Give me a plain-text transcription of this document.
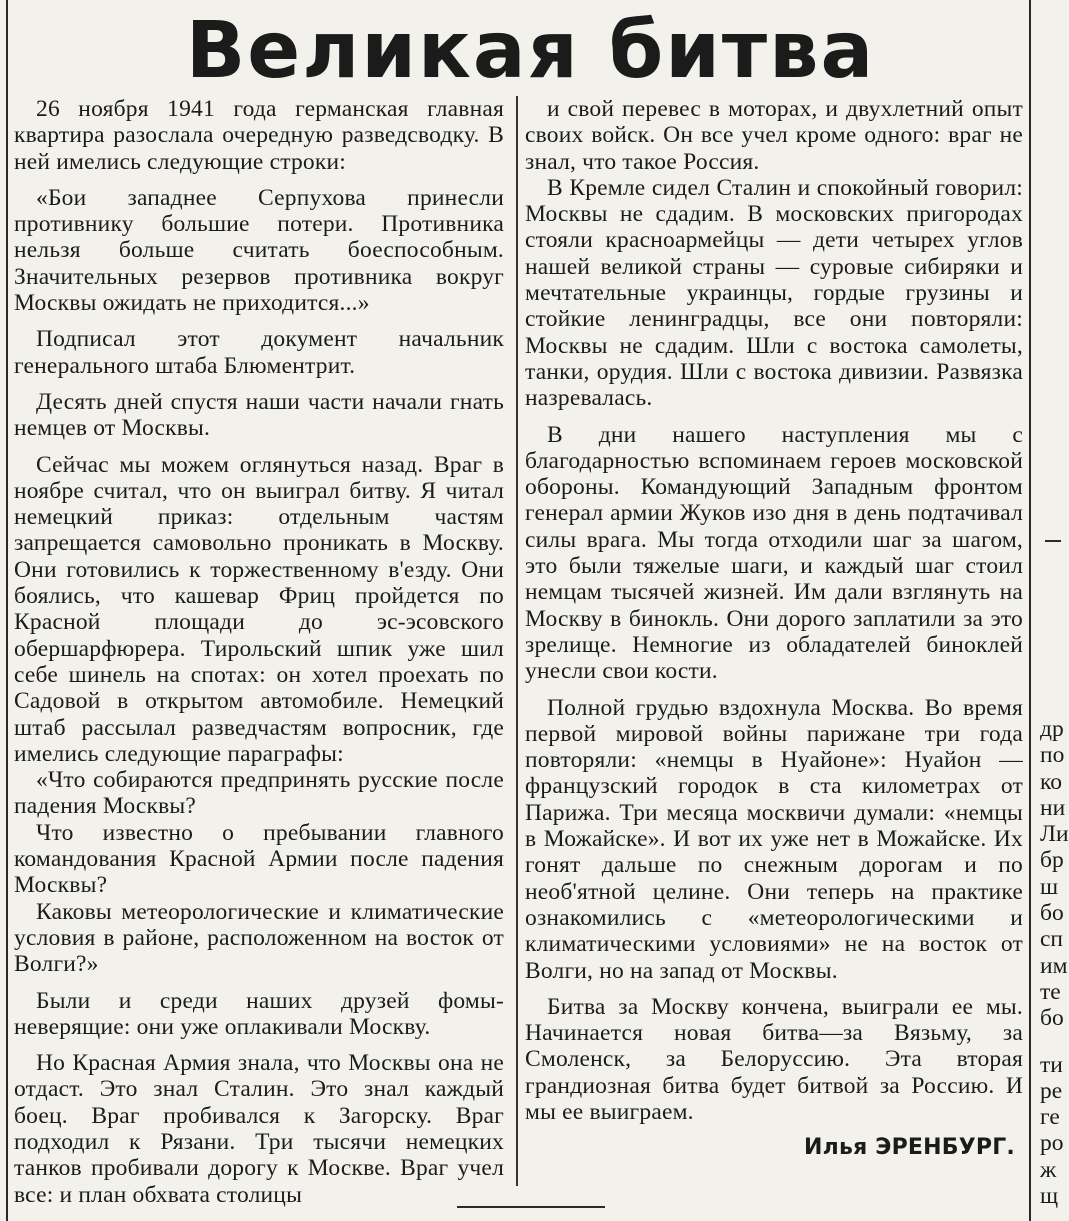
Великая битва

26 ноября 1941 года германская главная квартира разослала очередную разведсводку. В ней имелись следующие строки:

«Бои западнее Серпухова принесли противнику большие потери. Противника нельзя больше считать боеспособным. Значительных резервов противника вокруг Москвы ожидать не приходится...»

Подписал этот документ начальник генерального штаба Блюментрит.

Десять дней спустя наши части начали гнать немцев от Москвы.

Сейчас мы можем оглянуться назад. Враг в ноябре считал, что он выиграл битву. Я читал немецкий приказ: отдельным частям запрещается самовольно проникать в Москву. Они готовились к торжественному в'езду. Они боялись, что кашевар Фриц пройдется по Красной площади до эс-эсовского обершарфюрера. Тирольский шпик уже шил себе шинель на спотах: он хотел проехать по Садовой в открытом автомобиле. Немецкий штаб рассылал разведчастям вопросник, где имелись следующие параграфы:

«Что собираются предпринять русские после падения Москвы?

Что известно о пребывании главного командования Красной Армии после падения Москвы?

Каковы метеорологические и климатические условия в районе, расположенном на восток от Волги?»

Были и среди наших друзей фомы-неверящие: они уже оплакивали Москву.

Но Красная Армия знала, что Москвы она не отдаст. Это знал Сталин. Это знал каждый боец. Враг пробивался к Загорску. Враг подходил к Рязани. Три тысячи немецких танков пробивали дорогу к Москве. Враг учел все: и план обхвата столицы

и свой перевес в моторах, и двухлетний опыт своих войск. Он все учел кроме одного: враг не знал, что такое Россия.

В Кремле сидел Сталин и спокойный говорил: Москвы не сдадим. В московских пригородах стояли красноармейцы — дети четырех углов нашей великой страны — суровые сибиряки и мечтательные украинцы, гордые грузины и стойкие ленинградцы, все они повторяли: Москвы не сдадим. Шли с востока самолеты, танки, орудия. Шли с востока дивизии. Развязка назревалась.

В дни нашего наступления мы с благодарностью вспоминаем героев московской обороны. Командующий Западным фронтом генерал армии Жуков изо дня в день подтачивал силы врага. Мы тогда отходили шаг за шагом, это были тяжелые шаги, и каждый шаг стоил немцам тысячей жизней. Им дали взглянуть на Москву в бинокль. Они дорого заплатили за это зрелище. Немногие из обладателей биноклей унесли свои кости.

Полной грудью вздохнула Москва. Во время первой мировой войны парижане три года повторяли: «немцы в Нуайоне»: Нуайон — французский городок в ста километрах от Парижа. Три месяца москвичи думали: «немцы в Можайске». И вот их уже нет в Можайске. Их гонят дальше по снежным дорогам и по необ'ятной целине. Они теперь на практике ознакомились с «метеорологическими и климатическими условиями» не на восток от Волги, но на запад от Москвы.

Битва за Москву кончена, выиграли ее мы. Начинается новая битва—за Вязьму, за Смоленск, за Белоруссию. Эта вторая грандиозная битва будет битвой за Россию. И мы ее выиграем.

Илья ЭРЕНБУРГ.
др
по
ко
ни
Ли
бр
ш
бо
сп
им
те
бо
ти
ре
ге
ро
ж
щ
